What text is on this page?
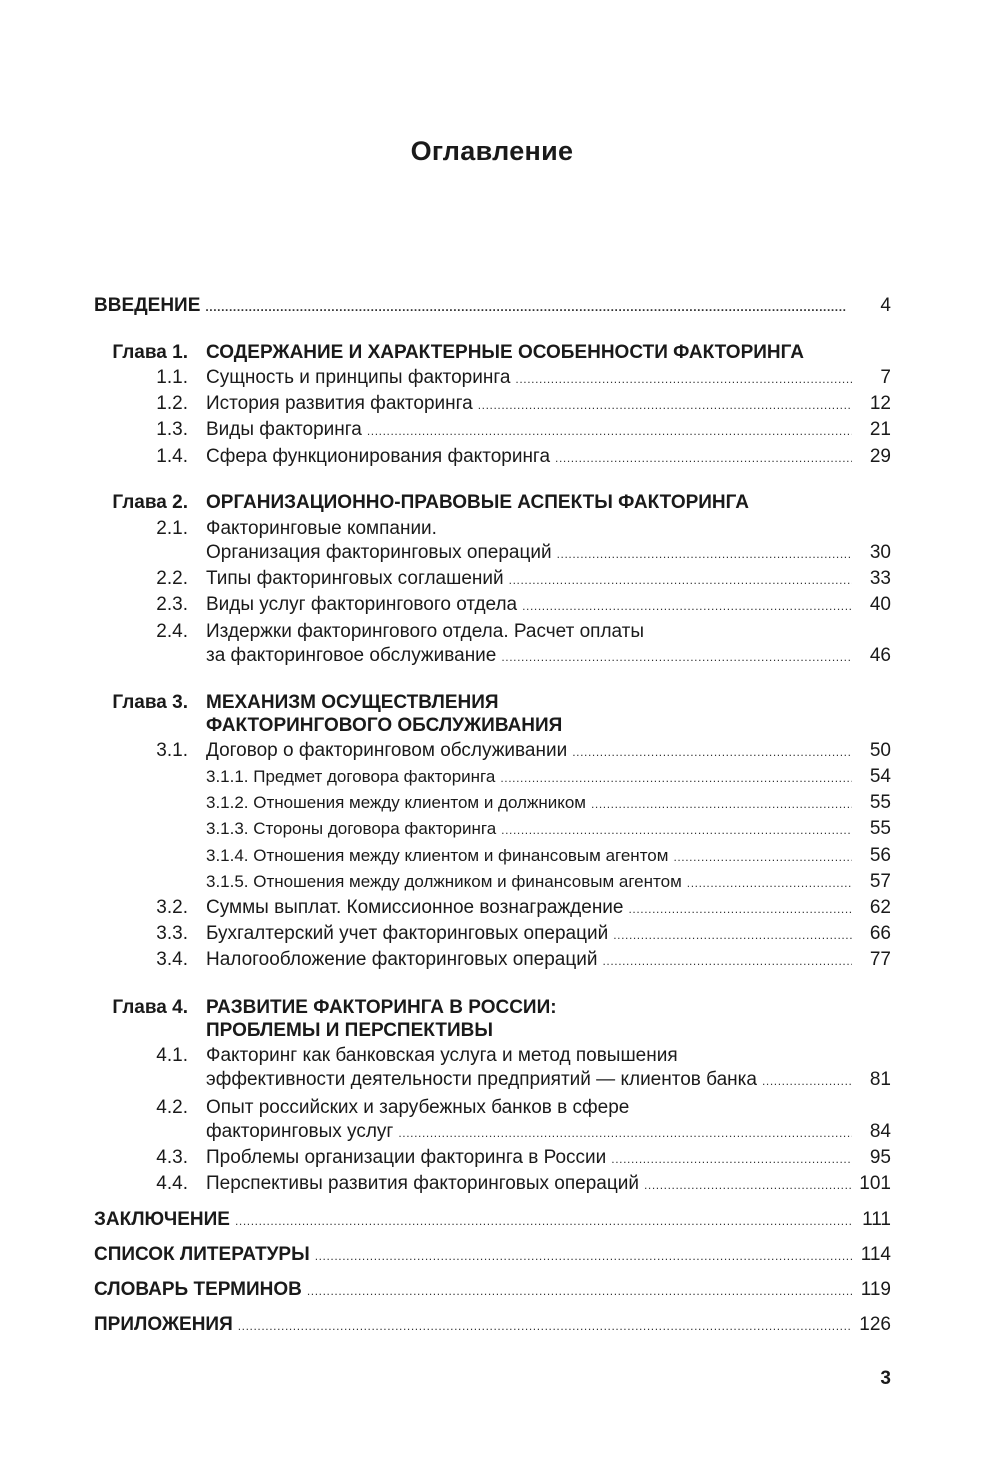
Оглавление
ВВЕДЕНИЕ .....	4
Глава 1. СОДЕРЖАНИЕ И ХАРАКТЕРНЫЕ ОСОБЕННОСТИ ФАКТОРИНГА
1.1. Сущность и принципы факторинга .....	7
1.2. История развития факторинга .....	12
1.3. Виды факторинга .....	21
1.4. Сфера функционирования факторинга .....	29
Глава 2. ОРГАНИЗАЦИОННО-ПРАВОВЫЕ АСПЕКТЫ ФАКТОРИНГА
2.1. Факторинговые компании.
Организация факторинговых операций .....	30
2.2. Типы факторинговых соглашений .....	33
2.3. Виды услуг факторингового отдела .....	40
2.4. Издержки факторингового отдела. Расчет оплаты
за факторинговое обслуживание .....	46
Глава 3. МЕХАНИЗМ ОСУЩЕСТВЛЕНИЯ
ФАКТОРИНГОВОГО ОБСЛУЖИВАНИЯ
3.1. Договор о факторинговом обслуживании .....	50
3.1.1. Предмет договора факторинга .....	54
3.1.2. Отношения между клиентом и должником .....	55
3.1.3. Стороны договора факторинга .....	55
3.1.4. Отношения между клиентом и финансовым агентом .....	56
3.1.5. Отношения между должником и финансовым агентом .....	57
3.2. Суммы выплат. Комиссионное вознаграждение .....	62
3.3. Бухгалтерский учет факторинговых операций .....	66
3.4. Налогообложение факторинговых операций .....	77
Глава 4. РАЗВИТИЕ ФАКТОРИНГА В РОССИИ:
ПРОБЛЕМЫ И ПЕРСПЕКТИВЫ
4.1. Факторинг как банковская услуга и метод повышения
эффективности деятельности предприятий — клиентов банка .....	81
4.2. Опыт российских и зарубежных банков в сфере
факторинговых услуг .....	84
4.3. Проблемы организации факторинга в России .....	95
4.4. Перспективы развития факторинговых операций .....	101
ЗАКЛЮЧЕНИЕ .....	111
СПИСОК ЛИТЕРАТУРЫ .....	114
СЛОВАРЬ ТЕРМИНОВ .....	119
ПРИЛОЖЕНИЯ .....	126
3
